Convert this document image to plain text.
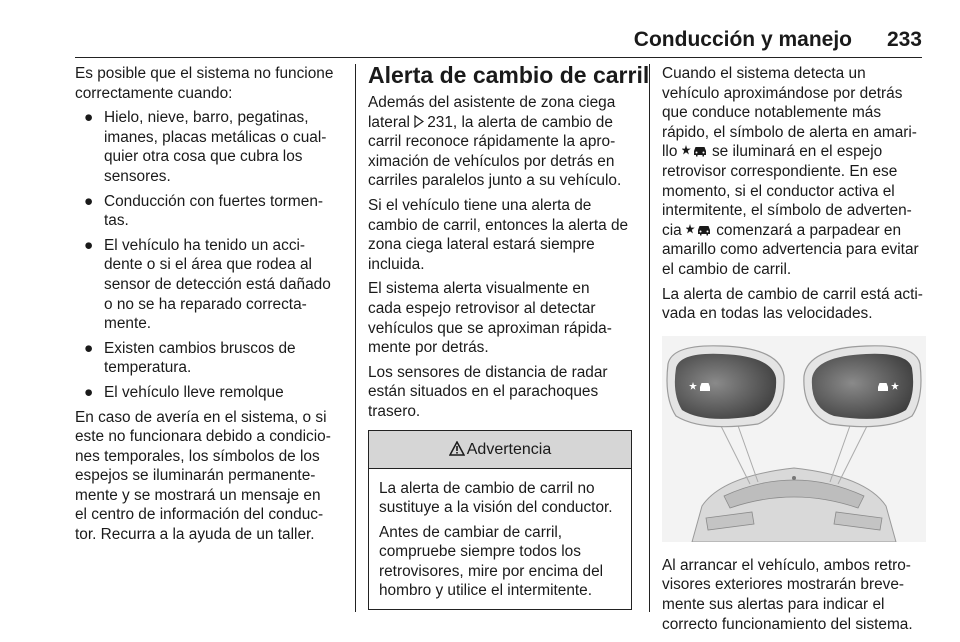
Conducción y manejo 233
Es posible que el sistema no funcione
correctamente cuando:
● Hielo, nieve, barro, pegatinas,
imanes, placas metálicas o cual-
quier otra cosa que cubra los
sensores.
● Conducción con fuertes tormen-
tas.
● El vehículo ha tenido un acci-
dente o si el área que rodea al
sensor de detección está dañado
o no se ha reparado correcta-
mente.
● Existen cambios bruscos de
temperatura.
● El vehículo lleve remolque
En caso de avería en el sistema, o si
este no funcionara debido a condicio-
nes temporales, los símbolos de los
espejos se iluminarán permanente-
mente y se mostrará un mensaje en
el centro de información del conduc-
tor. Recurra a la ayuda de un taller.
Alerta de cambio de carril
Además del asistente de zona ciega
lateral 231, la alerta de cambio de
carril reconoce rápidamente la apro-
ximación de vehículos por detrás en
carriles paralelos junto a su vehículo.
Si el vehículo tiene una alerta de
cambio de carril, entonces la alerta de
zona ciega lateral estará siempre
incluida.
El sistema alerta visualmente en
cada espejo retrovisor al detectar
vehículos que se aproximan rápida-
mente por detrás.
Los sensores de distancia de radar
están situados en el parachoques
trasero.
Advertencia
La alerta de cambio de carril no
sustituye a la visión del conductor.
Antes de cambiar de carril,
compruebe siempre todos los
retrovisores, mire por encima del
hombro y utilice el intermitente.
Cuando el sistema detecta un
vehículo aproximándose por detrás
que conduce notablemente más
rápido, el símbolo de alerta en amari-
llo  se iluminará en el espejo
retrovisor correspondiente. En ese
momento, si el conductor activa el
intermitente, el símbolo de adverten-
cia  comenzará a parpadear en
amarillo como advertencia para evitar
el cambio de carril.
La alerta de cambio de carril está acti-
vada en todas las velocidades.
Al arrancar el vehículo, ambos retro-
visores exteriores mostrarán breve-
mente sus alertas para indicar el
correcto funcionamiento del sistema.
